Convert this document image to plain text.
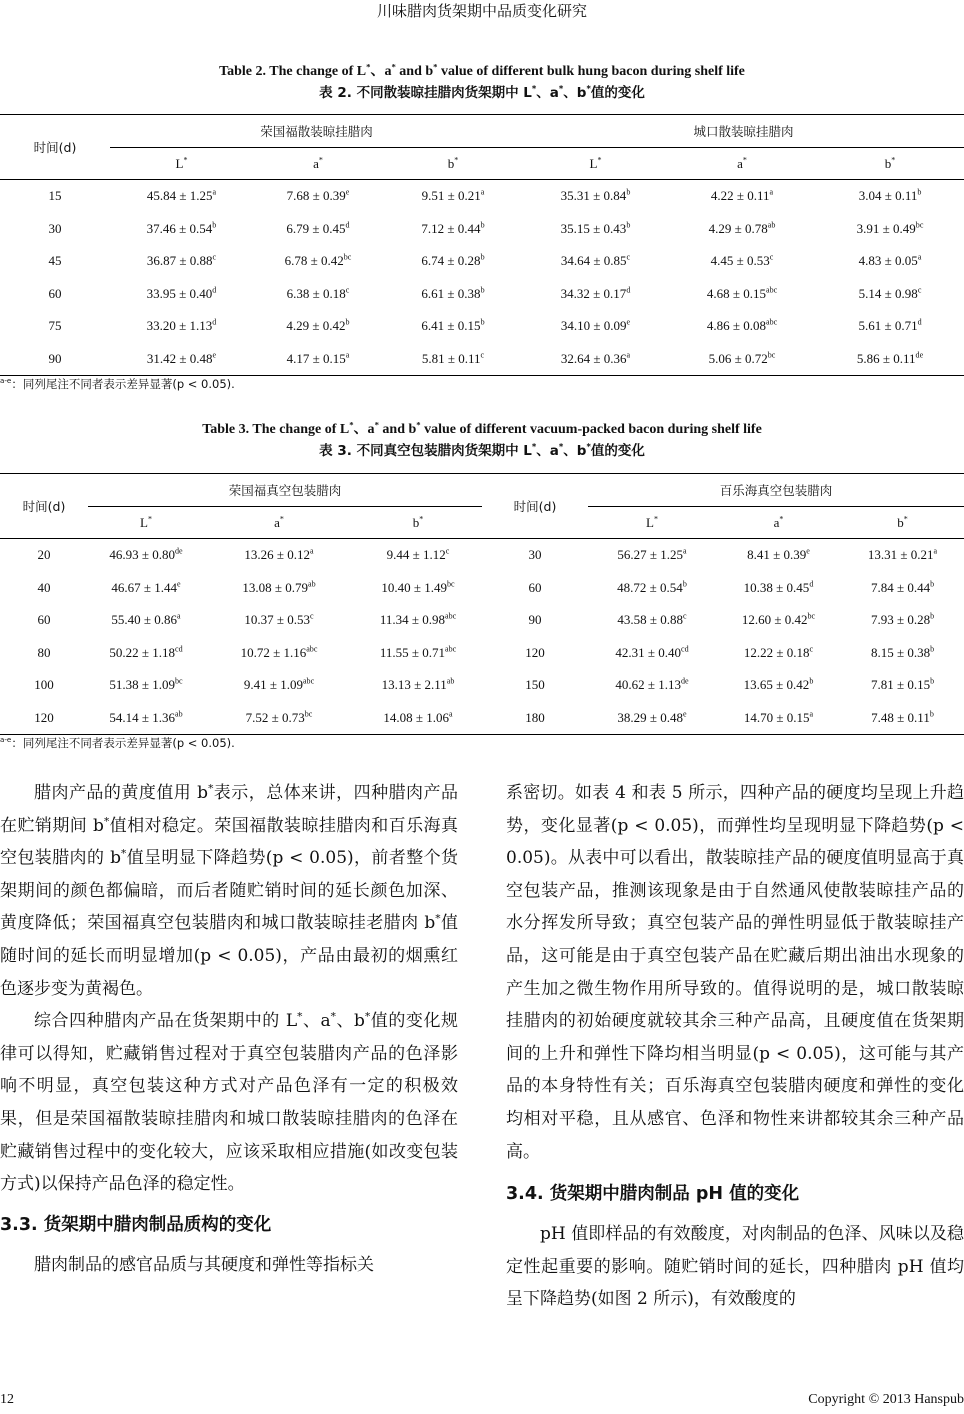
川味腊肉货架期中品质变化研究
Table 2. The change of L*、a* and b* value of different bulk hung bacon during shelf life
表 2. 不同散装晾挂腊肉货架期中 L*、a*、b*值的变化
时间(d)	荣国福散装晾挂腊肉			城口散装晾挂腊肉		
	L*	a*	b*	L*	a*	b*
15	45.84 ± 1.25$^a$	7.68 ± 0.39$^e$	9.51 ± 0.21$^a$	35.31 ± 0.84$^b$	4.22 ± 0.11$^a$	3.04 ± 0.11$^b$
30	37.46 ± 0.54$^b$	6.79 ± 0.45$^d$	7.12 ± 0.44$^b$	35.15 ± 0.43$^b$	4.29 ± 0.78$^{ab}$	3.91 ± 0.49$^{bc}$
45	36.87 ± 0.88$^c$	6.78 ± 0.42$^{bc}$	6.74 ± 0.28$^b$	34.64 ± 0.85$^c$	4.45 ± 0.53$^c$	4.83 ± 0.05$^a$
60	33.95 ± 0.40$^d$	6.38 ± 0.18$^c$	6.61 ± 0.38$^b$	34.32 ± 0.17$^d$	4.68 ± 0.15$^{abc}$	5.14 ± 0.98$^c$
75	33.20 ± 1.13$^d$	4.29 ± 0.42$^b$	6.41 ± 0.15$^b$	34.10 ± 0.09$^e$	4.86 ± 0.08$^{abc}$	5.61 ± 0.71$^d$
90	31.42 ± 0.48$^e$	4.17 ± 0.15$^a$	5.81 ± 0.11$^c$	32.64 ± 0.36$^a$	5.06 ± 0.72$^{bc}$	5.86 ± 0.11de
$^{a-e}$：同列尾注不同者表示差异显著(p < 0.05).
Table 3. The change of L*、a* and b* value of different vacuum-packed bacon during shelf life
表 3. 不同真空包装腊肉货架期中 L*、a*、b*值的变化
时间(d)	荣国福真空包装腊肉			时间(d)	百乐海真空包装腊肉		
	L*	a*	b*		L*	a*	b*
20	46.93 ± 0.80de	13.26 ± 0.12$^a$	9.44 ± 1.12$^c$	30	56.27 ± 1.25$^a$	8.41 ± 0.39$^e$	13.31 ± 0.21$^a$
40	46.67 ± 1.44$^e$	13.08 ± 0.79$^{ab}$	10.40 ± 1.49$^{bc}$	60	48.72 ± 0.54$^b$	10.38 ± 0.45$^d$	7.84 ± 0.44$^b$
60	55.40 ± 0.86$^a$	10.37 ± 0.53$^c$	11.34 ± 0.98$^{abc}$	90	43.58 ± 0.88$^c$	12.60 ± 0.42$^{bc}$	7.93 ± 0.28$^b$
80	50.22 ± 1.18$^{cd}$	10.72 ± 1.16$^{abc}$	11.55 ± 0.71$^{abc}$	120	42.31 ± 0.40$^{cd}$	12.22 ± 0.18$^c$	8.15 ± 0.38$^b$
100	51.38 ± 1.09$^{bc}$	9.41 ± 1.09$^{abc}$	13.13 ± 2.11$^{ab}$	150	40.62 ± 1.13de	13.65 ± 0.42$^b$	7.81 ± 0.15$^b$
120	54.14 ± 1.36$^{ab}$	7.52 ± 0.73$^{bc}$	14.08 ± 1.06$^a$	180	38.29 ± 0.48$^e$	14.70 ± 0.15$^a$	7.48 ± 0.11$^b$
$^{a-e}$：同列尾注不同者表示差异显著(p < 0.05).

腊肉产品的黄度值用 b*表示，总体来讲，四种腊肉产品在贮销期间 b*值相对稳定。荣国福散装晾挂腊肉和百乐海真空包装腊肉的 b*值呈明显下降趋势(p < 0.05)，前者整个货架期间的颜色都偏暗，而后者随贮销时间的延长颜色加深、黄度降低；荣国福真空包装腊肉和城口散装晾挂老腊肉 b*值随时间的延长而明显增加(p < 0.05)，产品由最初的烟熏红色逐步变为黄褐色。

综合四种腊肉产品在货架期中的 L*、a*、b*值的变化规律可以得知，贮藏销售过程对于真空包装腊肉产品的色泽影响不明显，真空包装这种方式对产品色泽有一定的积极效果，但是荣国福散装晾挂腊肉和城口散装晾挂腊肉的色泽在贮藏销售过程中的变化较大，应该采取相应措施(如改变包装方式)以保持产品色泽的稳定性。

3.3. 货架期中腊肉制品质构的变化

腊肉制品的感官品质与其硬度和弹性等指标关

系密切。如表 4 和表 5 所示，四种产品的硬度均呈现上升趋势，变化显著(p < 0.05)，而弹性均呈现明显下降趋势(p < 0.05)。从表中可以看出，散装晾挂产品的硬度值明显高于真空包装产品，推测该现象是由于自然通风使散装晾挂产品的水分挥发所导致；真空包装产品的弹性明显低于散装晾挂产品，这可能是由于真空包装产品在贮藏后期出油出水现象的产生加之微生物作用所导致的。值得说明的是，城口散装晾挂腊肉的初始硬度就较其余三种产品高，且硬度值在货架期间的上升和弹性下降均相当明显(p < 0.05)，这可能与其产品的本身特性有关；百乐海真空包装腊肉硬度和弹性的变化均相对平稳，且从感官、色泽和物性来讲都较其余三种产品高。

3.4. 货架期中腊肉制品 pH 值的变化

pH 值即样品的有效酸度，对肉制品的色泽、风味以及稳定性起重要的影响。随贮销时间的延长，四种腊肉 pH 值均呈下降趋势(如图 2 所示)，有效酸度的

12	Copyright © 2013 Hanspub
